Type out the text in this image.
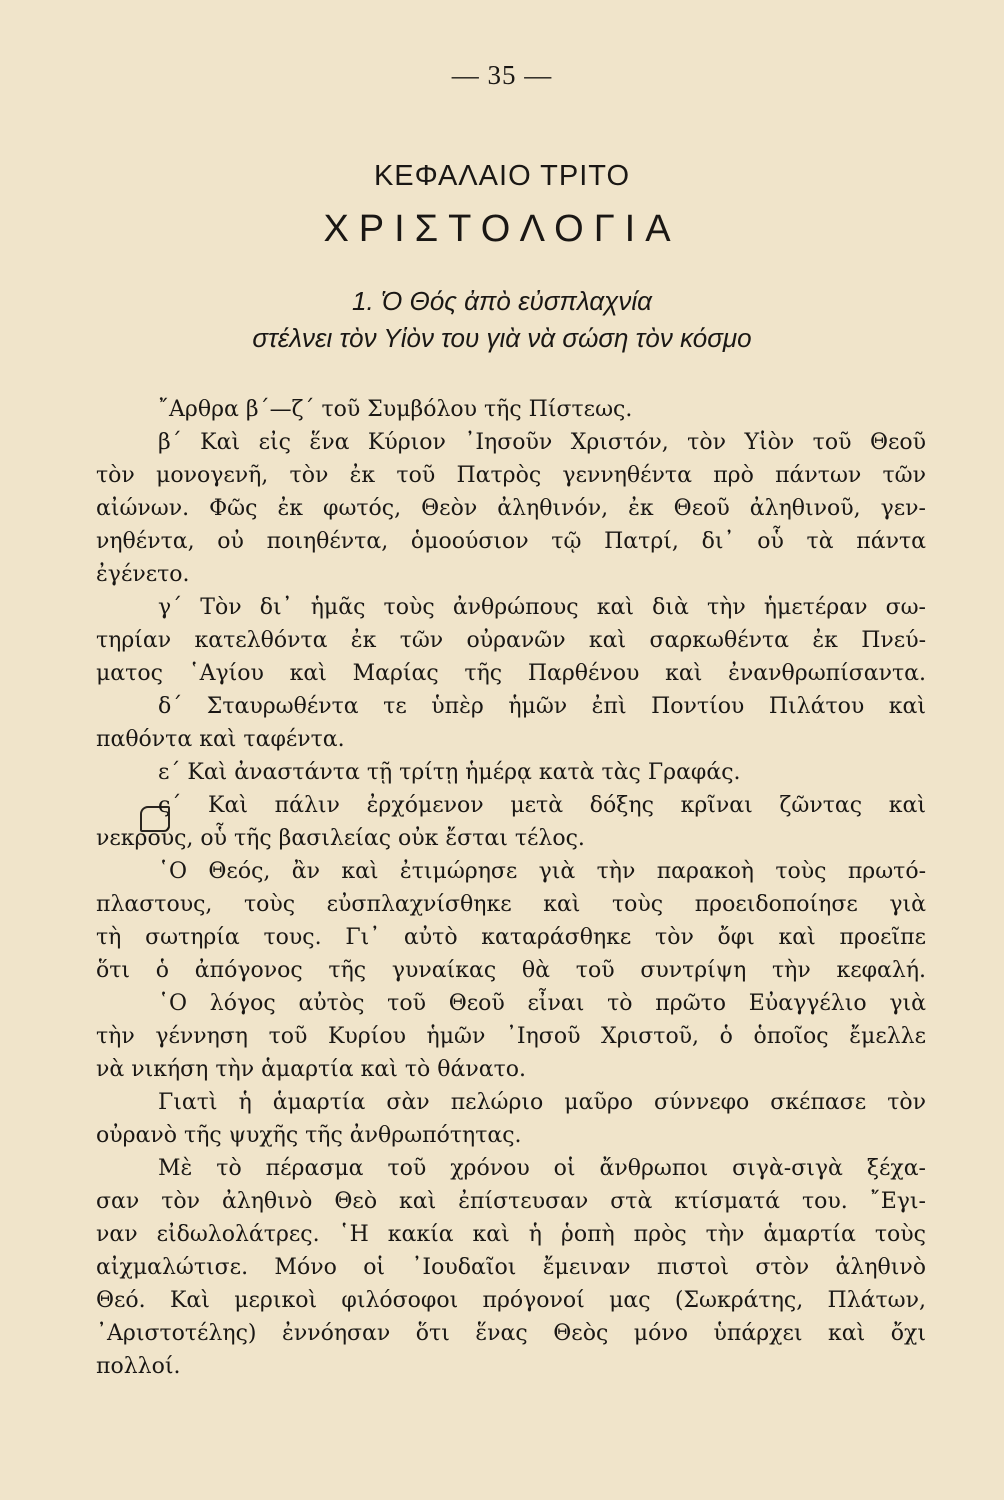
— 35 —
ΚΕΦΑΛΑΙΟ ΤΡΙΤΟ
ΧΡΙΣΤΟΛΟΓΙΑ
1. Ὁ Θός ἀπὸ εὐσπλαχνία
στέλνει τὸν Υἱὸν του γιὰ νὰ σώση τὸν κόσμο
῎Αρθρα β΄—ζ΄ τοῦ Συμβόλου τῆς Πίστεως.
β΄ Καὶ εἰς ἕνα Κύριον ᾿Ιησοῦν Χριστόν, τὸν Υἱὸν τοῦ Θεοῦ
τὸν μονογενῆ, τὸν ἐκ τοῦ Πατρὸς γεννηθέντα πρὸ πάντων τῶν
αἰώνων. Φῶς ἐκ φωτός, Θεὸν ἀληθινόν, ἐκ Θεοῦ ἀληθινοῦ, γεν-
νηθέντα, οὐ ποιηθέντα, ὁμοούσιον τῷ Πατρί, δι᾿ οὗ τὰ πάντα
ἐγένετο.
γ΄ Τὸν δι᾿ ἡμᾶς τοὺς ἀνθρώπους καὶ διὰ τὴν ἡμετέραν σω-
τηρίαν κατελθόντα ἐκ τῶν οὐρανῶν καὶ σαρκωθέντα ἐκ Πνεύ-
ματος ῾Αγίου καὶ Μαρίας τῆς Παρθένου καὶ ἐνανθρωπίσαντα.
δ΄ Σταυρωθέντα τε ὑπὲρ ἡμῶν ἐπὶ Ποντίου Πιλάτου καὶ
παθόντα καὶ ταφέντα.
ε΄ Καὶ ἀναστάντα τῇ τρίτῃ ἡμέρᾳ κατὰ τὰς Γραφάς.
ς΄ Καὶ πάλιν ἐρχόμενον μετὰ δόξης κρῖναι ζῶντας καὶ
νεκρούς, οὗ τῆς βασιλείας οὐκ ἔσται τέλος.
῾Ο Θεός, ἂν καὶ ἐτιμώρησε γιὰ τὴν παρακοὴ τοὺς πρωτό-
πλαστους, τοὺς εὐσπλαχνίσθηκε καὶ τοὺς προειδοποίησε γιὰ
τὴ σωτηρία τους. Γι᾿ αὐτὸ καταράσθηκε τὸν ὄφι καὶ προεῖπε
ὅτι ὁ ἀπόγονος τῆς γυναίκας θὰ τοῦ συντρίψη τὴν κεφαλή.
῾Ο λόγος αὐτὸς τοῦ Θεοῦ εἶναι τὸ πρῶτο Εὐαγγέλιο γιὰ
τὴν γέννηση τοῦ Κυρίου ἡμῶν ᾿Ιησοῦ Χριστοῦ, ὁ ὁποῖος ἔμελλε
νὰ νικήση τὴν ἁμαρτία καὶ τὸ θάνατο.
Γιατὶ ἡ ἁμαρτία σὰν πελώριο μαῦρο σύννεφο σκέπασε τὸν
οὐρανὸ τῆς ψυχῆς τῆς ἀνθρωπότητας.
Μὲ τὸ πέρασμα τοῦ χρόνου οἱ ἄνθρωποι σιγὰ-σιγὰ ξέχα-
σαν τὸν ἀληθινὸ Θεὸ καὶ ἐπίστευσαν στὰ κτίσματά του. ῎Εγι-
ναν εἰδωλολάτρες. ῾Η κακία καὶ ἡ ῥοπὴ πρὸς τὴν ἁμαρτία τοὺς
αἰχμαλώτισε. Μόνο οἱ ᾿Ιουδαῖοι ἔμειναν πιστοὶ στὸν ἀληθινὸ
Θεό. Καὶ μερικοὶ φιλόσοφοι πρόγονοί μας (Σωκράτης, Πλάτων,
᾿Αριστοτέλης) ἐννόησαν ὅτι ἕνας Θεὸς μόνο ὑπάρχει καὶ ὄχι
πολλοί.
